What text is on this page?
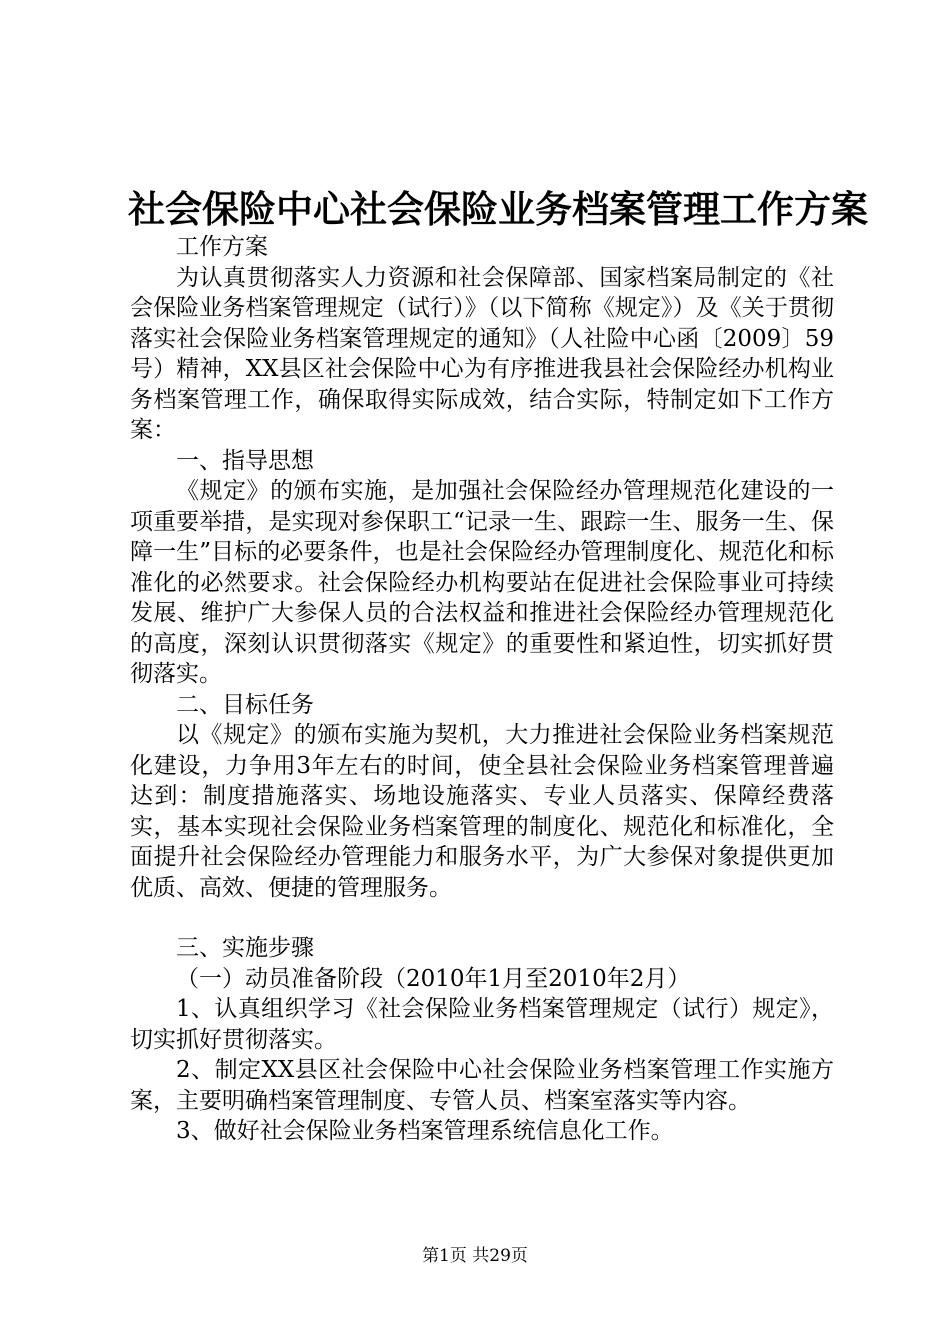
社会保险中心社会保险业务档案管理工作方案

工作方案

为认真贯彻落实人力资源和社会保障部、国家档案局制定的《社会保险业务档案管理规定（试行）》（以下简称《规定》）及《关于贯彻落实社会保险业务档案管理规定的通知》（人社险中心函〔2009〕59号）精神，XX县区社会保险中心为有序推进我县社会保险经办机构业务档案管理工作，确保取得实际成效，结合实际，特制定如下工作方案：

一、指导思想

《规定》的颁布实施，是加强社会保险经办管理规范化建设的一项重要举措，是实现对参保职工“记录一生、跟踪一生、服务一生、保障一生”目标的必要条件，也是社会保险经办管理制度化、规范化和标准化的必然要求。社会保险经办机构要站在促进社会保险事业可持续发展、维护广大参保人员的合法权益和推进社会保险经办管理规范化的高度，深刻认识贯彻落实《规定》的重要性和紧迫性，切实抓好贯彻落实。

二、目标任务

以《规定》的颁布实施为契机，大力推进社会保险业务档案规范化建设，力争用3年左右的时间，使全县社会保险业务档案管理普遍达到：制度措施落实、场地设施落实、专业人员落实、保障经费落实，基本实现社会保险业务档案管理的制度化、规范化和标准化，全面提升社会保险经办管理能力和服务水平，为广大参保对象提供更加优质、高效、便捷的管理服务。

三、实施步骤

（一）动员准备阶段（2010年1月至2010年2月）

1、认真组织学习《社会保险业务档案管理规定（试行）规定》，切实抓好贯彻落实。

2、制定XX县区社会保险中心社会保险业务档案管理工作实施方案，主要明确档案管理制度、专管人员、档案室落实等内容。

3、做好社会保险业务档案管理系统信息化工作。

第1页 共29页
